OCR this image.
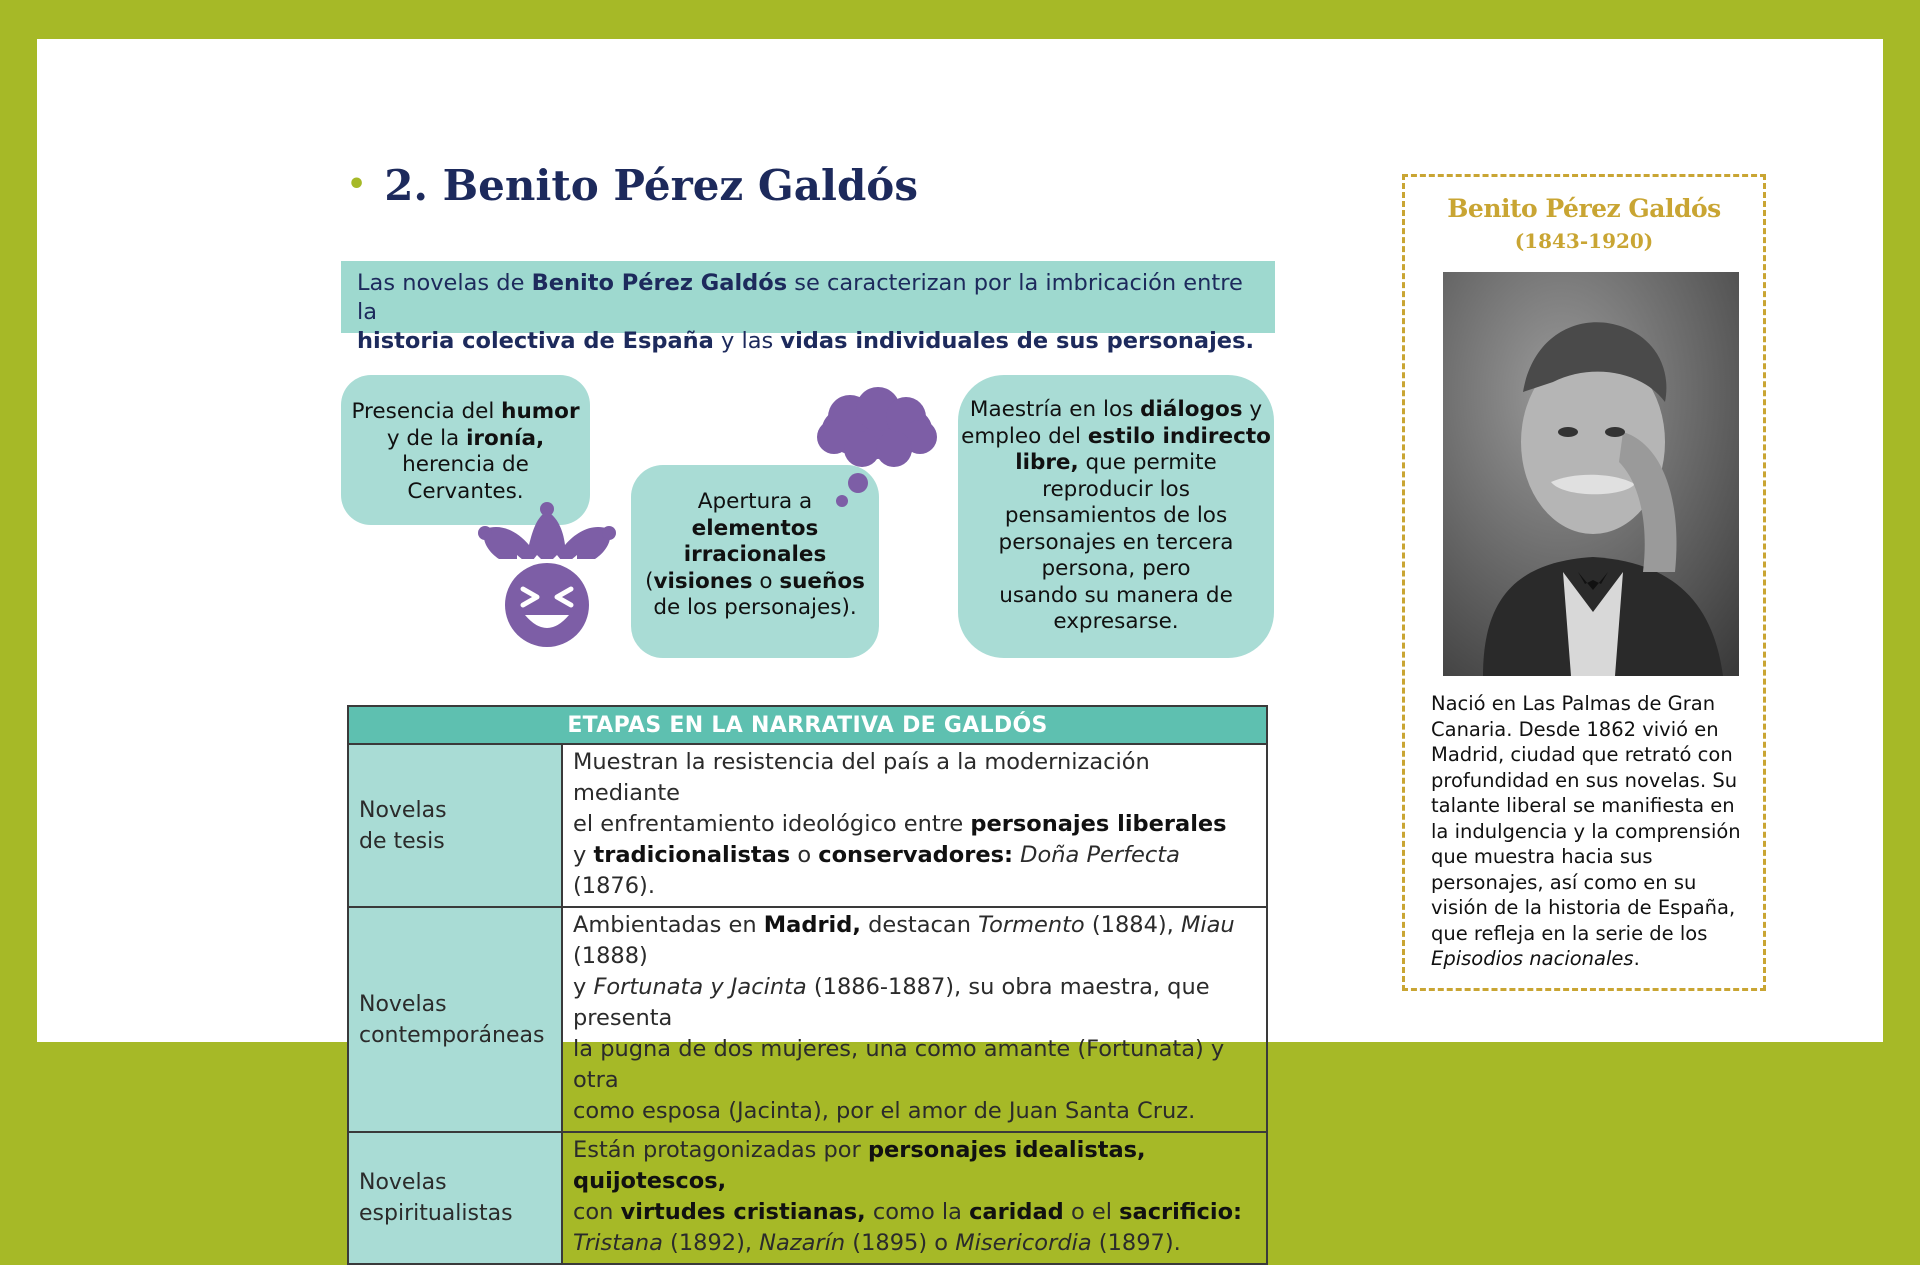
• 2. Benito Pérez Galdós
Las novelas de Benito Pérez Galdós se caracterizan por la imbricación entre la
historia colectiva de España y las vidas individuales de sus personajes.
Presencia del humor
y de la ironía,
herencia de
Cervantes.	Apertura a
elementos
irracionales
(visiones o sueños
de los personajes).
Maestría en los diálogos y
empleo del estilo indirecto
libre, que permite
reproducir los
pensamientos de los
personajes en tercera
persona, pero
usando su manera de
expresarse.
ETAPAS EN LA NARRATIVA DE GALDÓS	
Novelas
de tesis	Muestran la resistencia del país a la modernización mediante
el enfrentamiento ideológico entre personajes liberales
y tradicionalistas o conservadores: Doña Perfecta (1876).
Novelas
contemporáneas	Ambientadas en Madrid, destacan Tormento (1884), Miau (1888)
y Fortunata y Jacinta (1886-1887), su obra maestra, que presenta
la pugna de dos mujeres, una como amante (Fortunata) y otra
como esposa (Jacinta), por el amor de Juan Santa Cruz.
Novelas
espiritualistas	Están protagonizadas por personajes idealistas, quijotescos,
con virtudes cristianas, como la caridad o el sacrificio:
Tristana (1892), Nazarín (1895) o Misericordia (1897).
Benito Pérez Galdós
(1843-1920)
Nació en Las Palmas de Gran Canaria. Desde 1862 vivió en Madrid, ciudad que retrató con profundidad en sus novelas. Su talante liberal se manifiesta en la indulgencia y la comprensión que muestra hacia sus personajes, así como en su visión de la historia de España, que refleja en la serie de los Episodios nacionales.
